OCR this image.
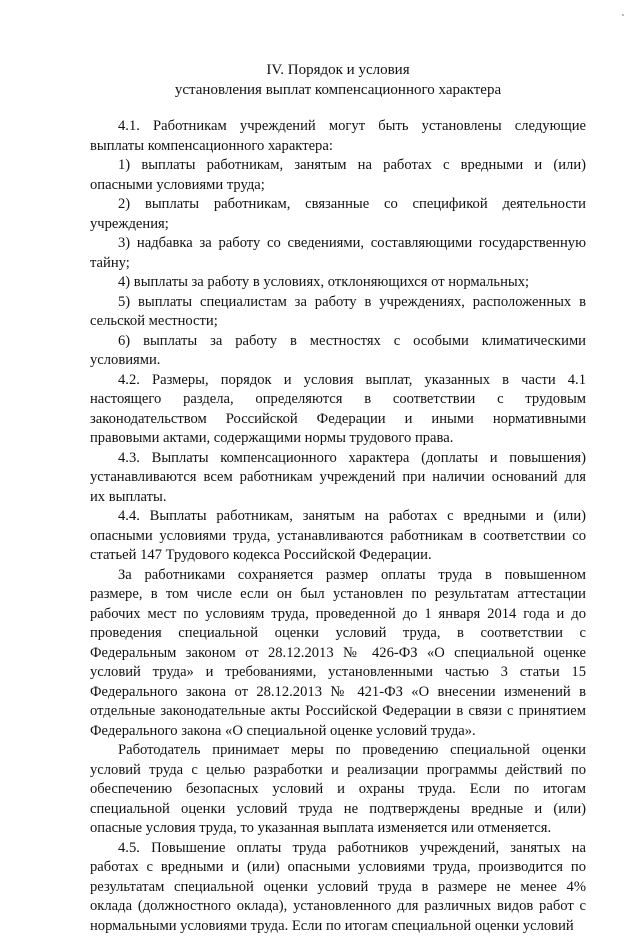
IV. Порядок и условия
установления выплат компенсационного характера
4.1. Работникам учреждений могут быть установлены следующие
выплаты компенсационного характера:
1) выплаты работникам, занятым на работах с вредными и (или)
опасными условиями труда;
2) выплаты работникам, связанные со спецификой деятельности
учреждения;
3) надбавка за работу со сведениями, составляющими государственную
тайну;
4) выплаты за работу в условиях, отклоняющихся от нормальных;
5) выплаты специалистам за работу в учреждениях, расположенных в
сельской местности;
6) выплаты за работу в местностях с особыми климатическими
условиями.
4.2. Размеры, порядок и условия выплат, указанных в части 4.1
настоящего раздела, определяются в соответствии с трудовым
законодательством Российской Федерации и иными нормативными
правовыми актами, содержащими нормы трудового права.
4.3. Выплаты компенсационного характера (доплаты и повышения)
устанавливаются всем работникам учреждений при наличии оснований для
их выплаты.
4.4. Выплаты работникам, занятым на работах с вредными и (или)
опасными условиями труда, устанавливаются работникам в соответствии со
статьей 147 Трудового кодекса Российской Федерации.
За работниками сохраняется размер оплаты труда в повышенном
размере, в том числе если он был установлен по результатам аттестации
рабочих мест по условиям труда, проведенной до 1 января 2014 года и до
проведения специальной оценки условий труда, в соответствии с
Федеральным законом от 28.12.2013 № 426-ФЗ «О специальной оценке
условий труда» и требованиями, установленными частью 3 статьи 15
Федерального закона от 28.12.2013 № 421-ФЗ «О внесении изменений в
отдельные законодательные акты Российской Федерации в связи с принятием
Федерального закона «О специальной оценке условий труда».
Работодатель принимает меры по проведению специальной оценки
условий труда с целью разработки и реализации программы действий по
обеспечению безопасных условий и охраны труда. Если по итогам
специальной оценки условий труда не подтверждены вредные и (или)
опасные условия труда, то указанная выплата изменяется или отменяется.
4.5. Повышение оплаты труда работников учреждений, занятых на
работах с вредными и (или) опасными условиями труда, производится по
результатам специальной оценки условий труда в размере не менее 4%
оклада (должностного оклада), установленного для различных видов работ с
нормальными условиями труда. Если по итогам специальной оценки условий
